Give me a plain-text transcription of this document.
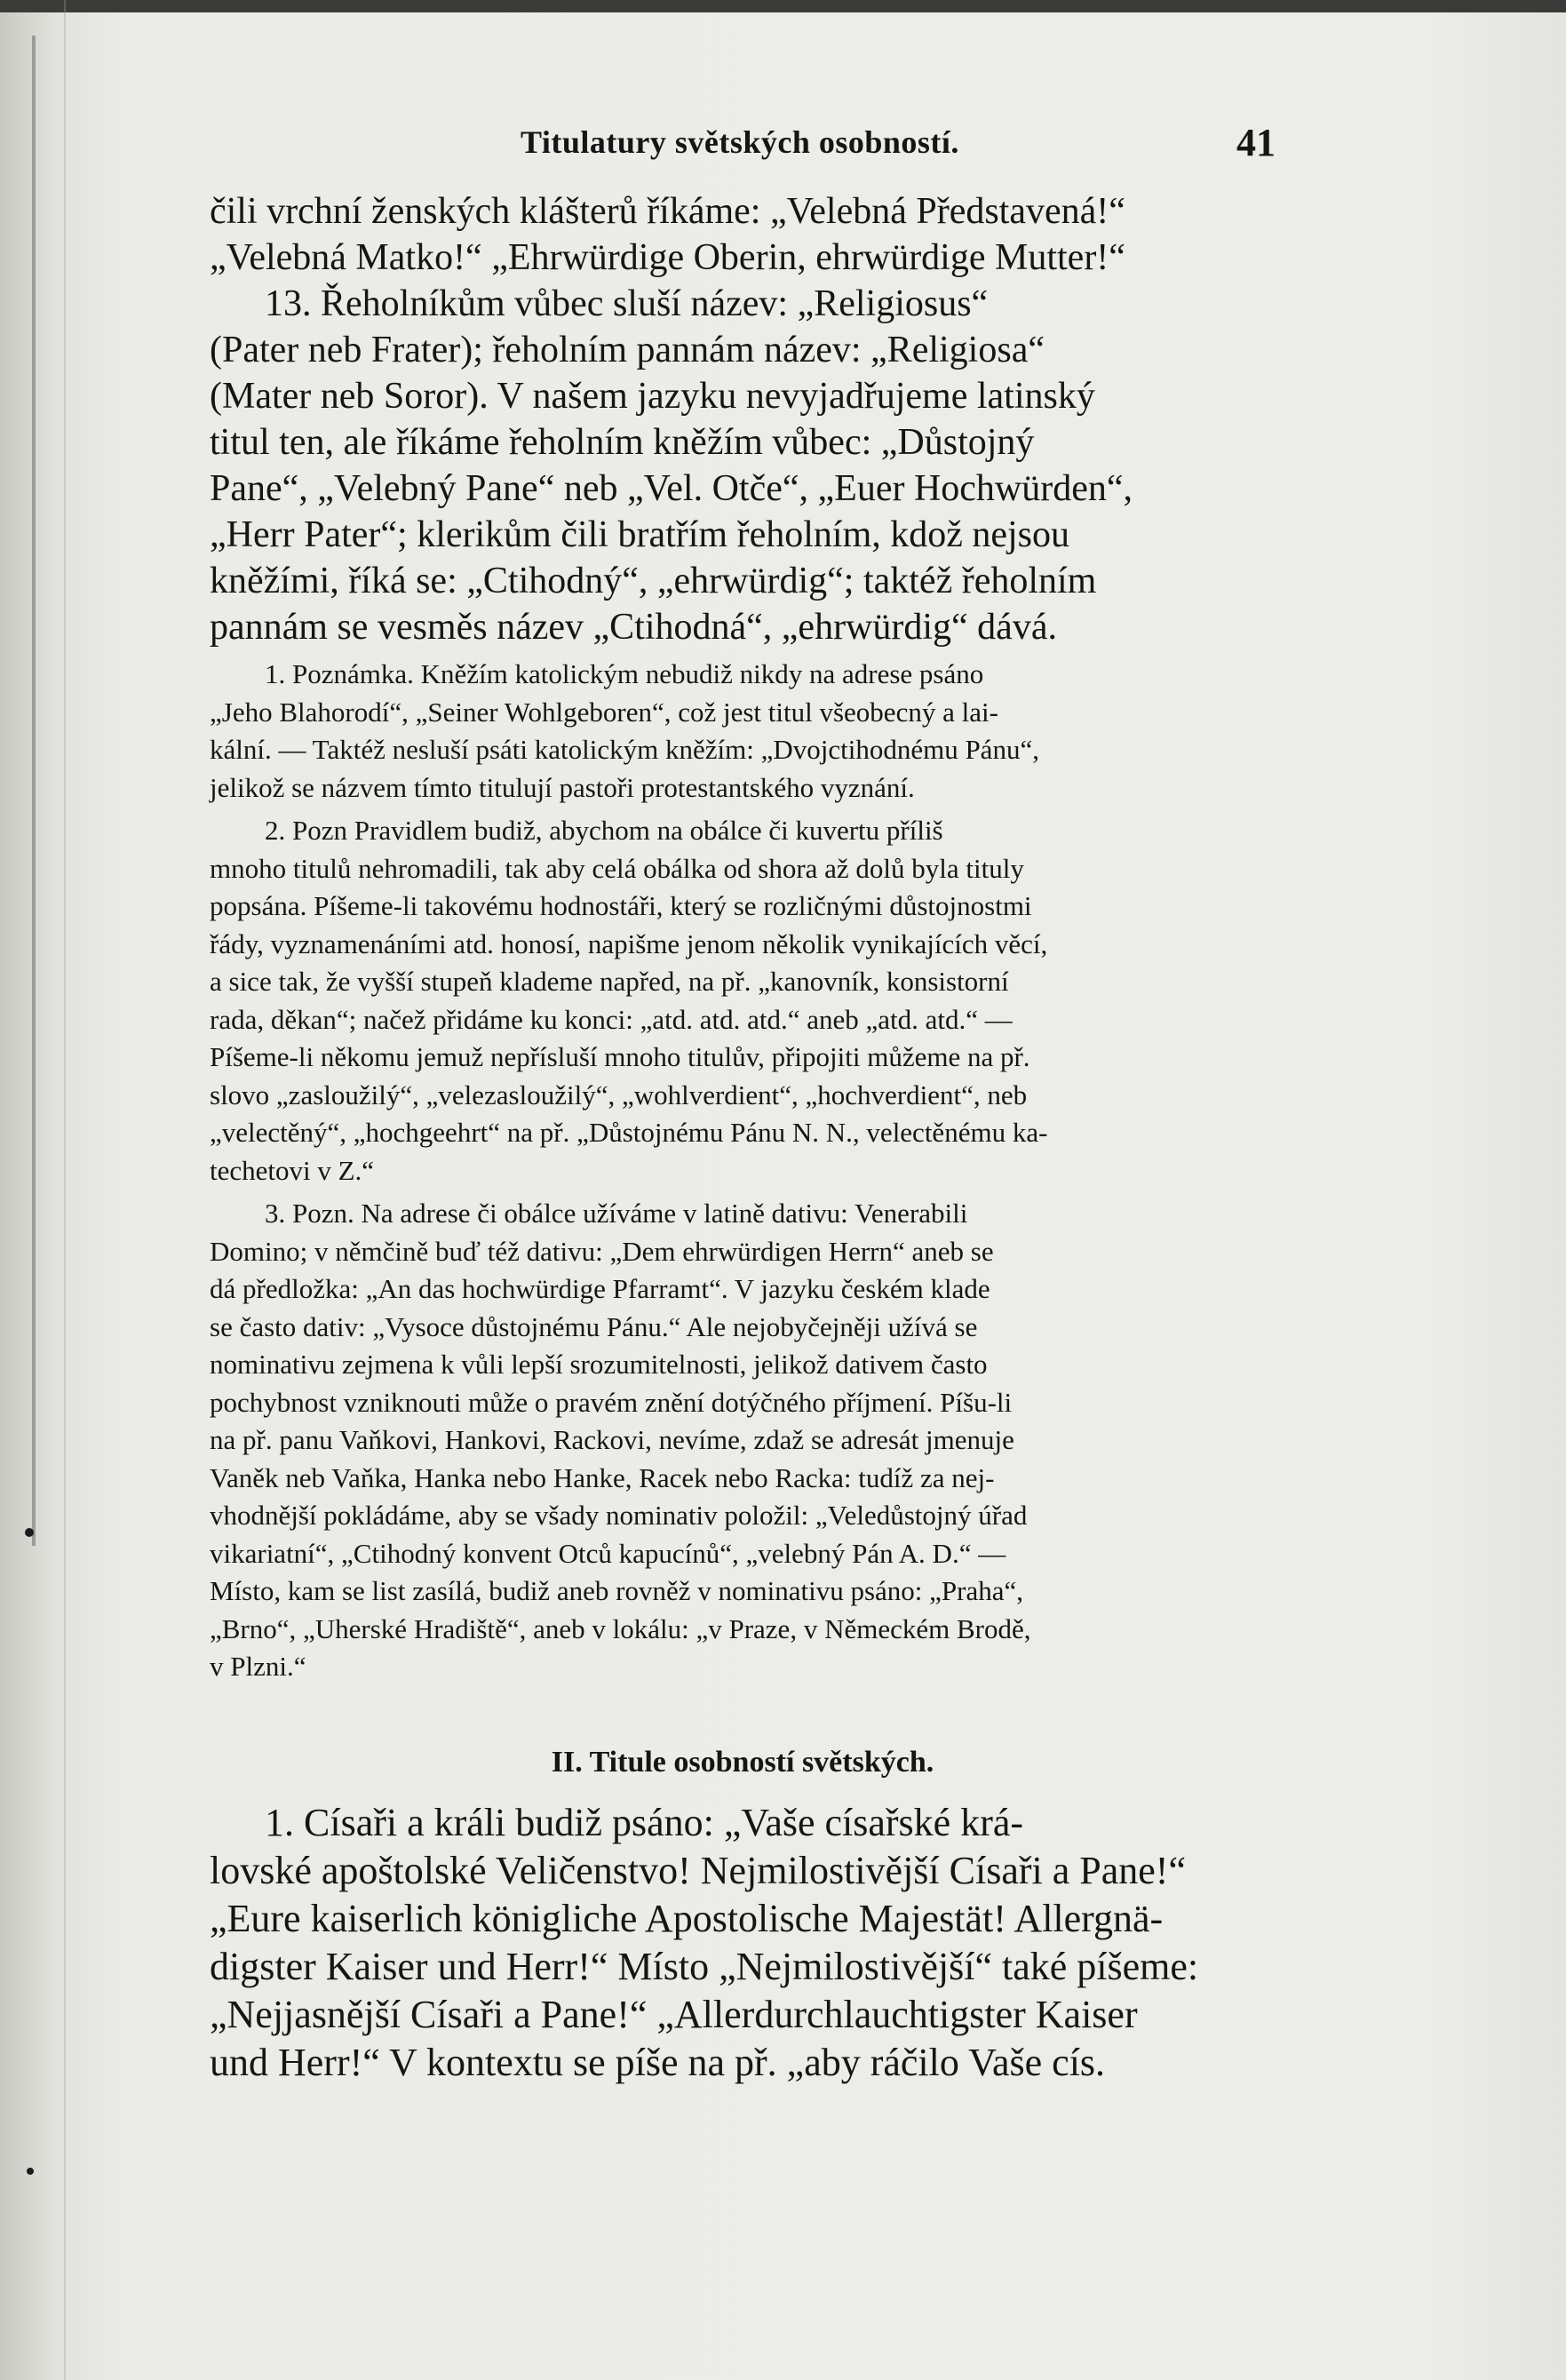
Titulatury světských osobností.	41

čili vrchní ženských klášterů říkáme: „Velebná Představená!“
„Velebná Matko!“ „Ehrwürdige Oberin, ehrwürdige Mutter!“
13. Řeholníkům vůbec sluší název: „Religiosus“
(Pater neb Frater); řeholním pannám název: „Religiosa“
(Mater neb Soror). V našem jazyku nevyjadřujeme latinský
titul ten, ale říkáme řeholním kněžím vůbec: „Důstojný
Pane“, „Velebný Pane“ neb „Vel. Otče“, „Euer Hochwürden“,
„Herr Pater“; klerikům čili bratřím řeholním, kdož nejsou
kněžími, říká se: „Ctihodný“, „ehrwürdig“; taktéž řeholním
pannám se vesměs název „Ctihodná“, „ehrwürdig“ dává.

1. Poznámka. Kněžím katolickým nebudiž nikdy na adrese psáno
„Jeho Blahorodí“, „Seiner Wohlgeboren“, což jest titul všeobecný a lai-
kální. — Taktéž nesluší psáti katolickým kněžím: „Dvojctihodnému Pánu“,
jelikož se názvem tímto titulují pastoři protestantského vyznání.

2. Pozn Pravidlem budiž, abychom na obálce či kuvertu příliš
mnoho titulů nehromadili, tak aby celá obálka od shora až dolů byla tituly
popsána. Píšeme-li takovému hodnostáři, který se rozličnými důstojnostmi
řády, vyznamenáními atd. honosí, napišme jenom několik vynikajících věcí,
a sice tak, že vyšší stupeň klademe napřed, na př. „kanovník, konsistorní
rada, děkan“; načež přidáme ku konci: „atd. atd. atd.“ aneb „atd. atd.“ —
Píšeme-li někomu jemuž nepřísluší mnoho titulův, připojiti můžeme na př.
slovo „zasloužilý“, „velezasloužilý“, „wohlverdient“, „hochverdient“, neb
„velectěný“, „hochgeehrt“ na př. „Důstojnému Pánu N. N., velectěnému ka-
techetovi v Z.“

3. Pozn. Na adrese či obálce užíváme v latině dativu: Venerabili
Domino; v němčině buď též dativu: „Dem ehrwürdigen Herrn“ aneb se
dá předložka: „An das hochwürdige Pfarramt“. V jazyku českém klade
se často dativ: „Vysoce důstojnému Pánu.“ Ale nejobyčejněji užívá se
nominativu zejmena k vůli lepší srozumitelnosti, jelikož dativem často
pochybnost vzniknouti může o pravém znění dotýčného příjmení. Píšu-li
na př. panu Vaňkovi, Hankovi, Rackovi, nevíme, zdaž se adresát jmenuje
Vaněk neb Vaňka, Hanka nebo Hanke, Racek nebo Racka: tudíž za nej-
vhodnější pokládáme, aby se všady nominativ položil: „Veledůstojný úřad
vikariatní“, „Ctihodný konvent Otců kapucínů“, „velebný Pán A. D.“ —
Místo, kam se list zasílá, budiž aneb rovněž v nominativu psáno: „Praha“,
„Brno“, „Uherské Hradiště“, aneb v lokálu: „v Praze, v Německém Brodě,
v Plzni.“

II. Titule osobností světských.

1. Císaři a králi budiž psáno: „Vaše císařské krá-
lovské apoštolské Veličenstvo! Nejmilostivější Císaři a Pane!“
„Eure kaiserlich königliche Apostolische Majestät! Allergnä-
digster Kaiser und Herr!“ Místo „Nejmilostivější“ také píšeme:
„Nejjasnější Císaři a Pane!“ „Allerdurchlauchtigster Kaiser
und Herr!“ V kontextu se píše na př. „aby ráčilo Vaše cís.
